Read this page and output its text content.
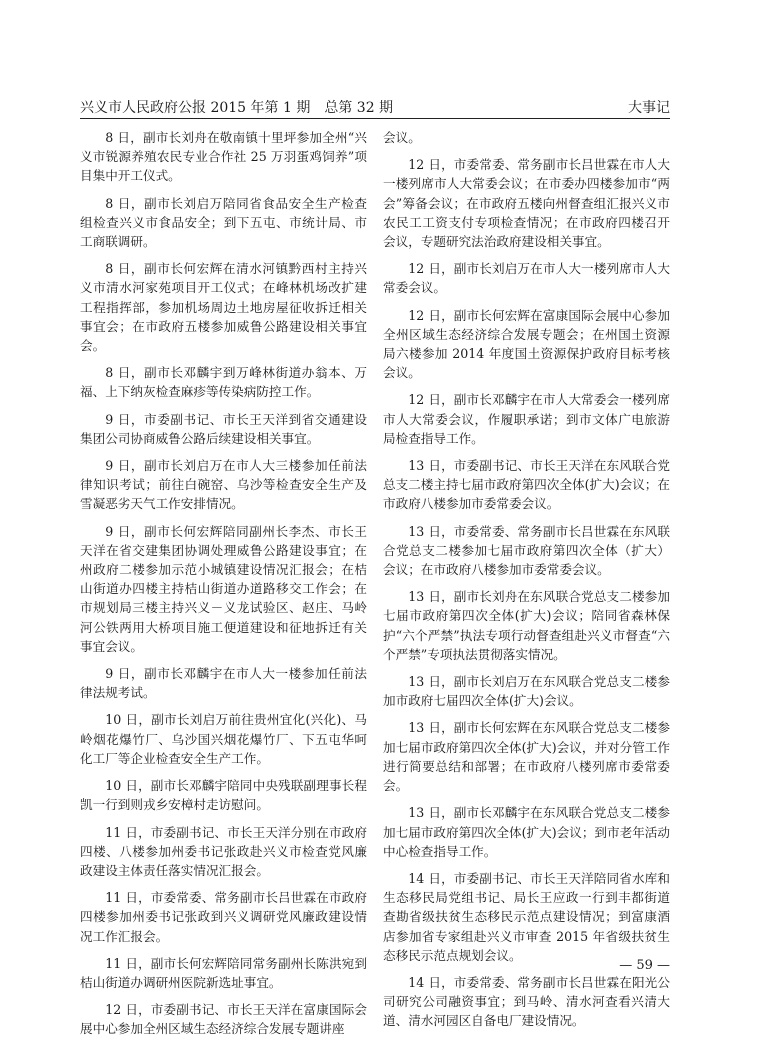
兴义市人民政府公报 2015 年第 1 期　总第 32 期	大事记

8 日，副市长刘舟在敬南镇十里坪参加全州“兴义市锐源养殖农民专业合作社 25 万羽蛋鸡饲养”项目集中开工仪式。

8 日，副市长刘启万陪同省食品安全生产检查组检查兴义市食品安全；到下五屯、市统计局、市工商联调研。

8 日，副市长何宏辉在清水河镇黔西村主持兴义市清水河家苑项目开工仪式；在峰林机场改扩建工程指挥部，参加机场周边土地房屋征收拆迁相关事宜会；在市政府五楼参加威鲁公路建设相关事宜会。

8 日，副市长邓麟宇到万峰林街道办翁本、万福、上下纳灰检查麻疹等传染病防控工作。

9 日，市委副书记、市长王天洋到省交通建设集团公司协商威鲁公路后续建设相关事宜。

9 日，副市长刘启万在市人大三楼参加任前法律知识考试；前往白碗窑、乌沙等检查安全生产及雪凝恶劣天气工作安排情况。

9 日，副市长何宏辉陪同副州长李杰、市长王天洋在省交建集团协调处理威鲁公路建设事宜；在州政府二楼参加示范小城镇建设情况汇报会；在桔山街道办四楼主持桔山街道办道路移交工作会；在市规划局三楼主持兴义－义龙试验区、赵庄、马岭河公铁两用大桥项目施工便道建设和征地拆迁有关事宜会议。

9 日，副市长邓麟宇在市人大一楼参加任前法律法规考试。

10 日，副市长刘启万前往贵州宜化(兴化)、马岭烟花爆竹厂、乌沙国兴烟花爆竹厂、下五屯华呵化工厂等企业检查安全生产工作。

10 日，副市长邓麟宇陪同中央残联副理事长程凯一行到则戎乡安樟村走访慰问。

11 日，市委副书记、市长王天洋分别在市政府四楼、八楼参加州委书记张政赴兴义市检查党风廉政建设主体责任落实情况汇报会。

11 日，市委常委、常务副市长吕世霖在市政府四楼参加州委书记张政到兴义调研党风廉政建设情况工作汇报会。

11 日，副市长何宏辉陪同常务副州长陈洪宛到桔山街道办调研州医院新选址事宜。

12 日，市委副书记、市长王天洋在富康国际会展中心参加全州区域生态经济综合发展专题讲座

会议。

12 日，市委常委、常务副市长吕世霖在市人大一楼列席市人大常委会议；在市委办四楼参加市“两会”筹备会议；在市政府五楼向州督查组汇报兴义市农民工工资支付专项检查情况；在市政府四楼召开会议，专题研究法治政府建设相关事宜。

12 日，副市长刘启万在市人大一楼列席市人大常委会议。

12 日，副市长何宏辉在富康国际会展中心参加全州区域生态经济综合发展专题会；在州国土资源局六楼参加 2014 年度国土资源保护政府目标考核会议。

12 日，副市长邓麟宇在市人大常委会一楼列席市人大常委会议，作履职承诺；到市文体广电旅游局检查指导工作。

13 日，市委副书记、市长王天洋在东风联合党总支二楼主持七届市政府第四次全体(扩大)会议；在市政府八楼参加市委常委会议。

13 日，市委常委、常务副市长吕世霖在东风联合党总支二楼参加七届市政府第四次全体（扩大）会议；在市政府八楼参加市委常委会议。

13 日，副市长刘舟在东风联合党总支二楼参加七届市政府第四次全体(扩大)会议；陪同省森林保护“六个严禁”执法专项行动督查组赴兴义市督查“六个严禁”专项执法贯彻落实情况。

13 日，副市长刘启万在东风联合党总支二楼参加市政府七届四次全体(扩大)会议。

13 日，副市长何宏辉在东风联合党总支二楼参加七届市政府第四次全体(扩大)会议，并对分管工作进行简要总结和部署；在市政府八楼列席市委常委会。

13 日，副市长邓麟宇在东风联合党总支二楼参加七届市政府第四次全体(扩大)会议；到市老年活动中心检查指导工作。

14 日，市委副书记、市长王天洋陪同省水库和生态移民局党组书记、局长王应政一行到丰都街道查勘省级扶贫生态移民示范点建设情况；到富康酒店参加省专家组赴兴义市审查 2015 年省级扶贫生态移民示范点规划会议。

14 日，市委常委、常务副市长吕世霖在阳光公司研究公司融资事宜；到马岭、清水河查看兴清大道、清水河园区自备电厂建设情况。

— 59 —
